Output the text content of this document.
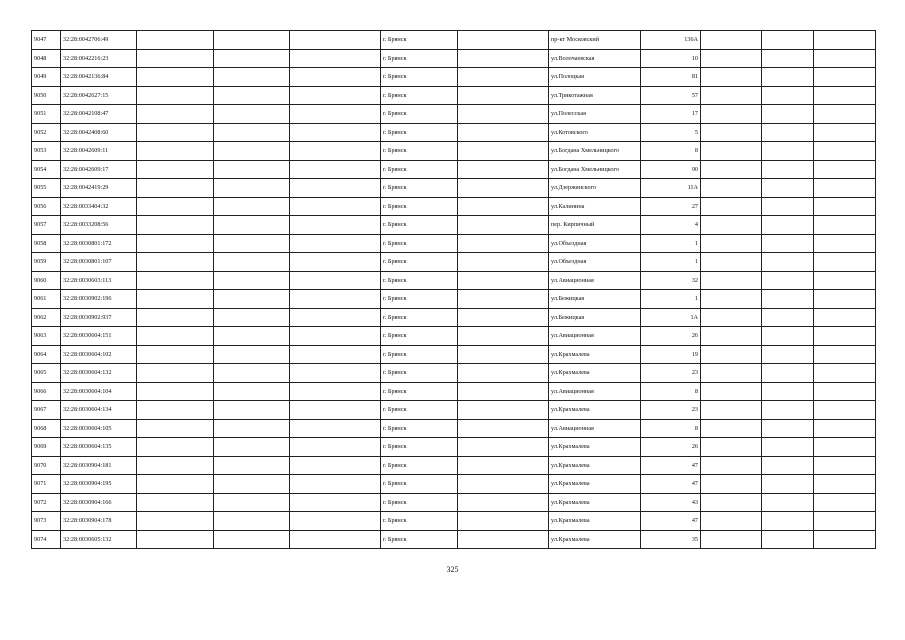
9047	32:28:0042706:49				г. Брянск		пр-кт Московский	136А			
9048	32:28:0042216:23				г. Брянск		ул.Волочаевская	10			
9049	32:28:0042136:84				г. Брянск		ул.Полоцкая	81			
9050	32:28:0042627:15				г. Брянск		ул.Трикотажная	57			
9051	32:28:0042108:47				г. Брянск		ул.Полесская	17			
9052	32:28:0042408:60				г. Брянск		ул.Котовского	5			
9053	32:28:0042609:11				г. Брянск		ул.Богдана Хмельницкого	8			
9054	32:28:0042609:17				г. Брянск		ул.Богдана Хмельницкого	90			
9055	32:28:0042419:29				г. Брянск		ул.Дзержинского	11А			
9056	32:28:0033404:32				г. Брянск		ул.Калинина	27			
9057	32:28:0033208:56				г. Брянск		пер. Кирпичный	4			
9058	32:28:0030801:172				г. Брянск		ул.Объездная	1			
9059	32:28:0030801:107				г. Брянск		ул.Объездная	1			
9060	32:28:0030603:113				г. Брянск		ул.Авиационная	32			
9061	32:28:0030902:196				г. Брянск		ул.Бежицкая	1			
9062	32:28:0030902:937				г. Брянск		ул.Бежицкая	1А			
9063	32:28:0030604:151				г. Брянск		ул.Авиационная	26			
9064	32:28:0030604:102				г. Брянск		ул.Крахмалева	19			
9065	32:28:0030604:132				г. Брянск		ул.Крахмалева	23			
9066	32:28:0030604:104				г. Брянск		ул.Авиационная	8			
9067	32:28:0030604:134				г. Брянск		ул.Крахмалева	23			
9068	32:28:0030604:105				г. Брянск		ул.Авиационная	8			
9069	32:28:0030604:135				г. Брянск		ул.Крахмалева	26			
9070	32:28:0030904:181				г. Брянск		ул.Крахмалева	47			
9071	32:28:0030904:195				г. Брянск		ул.Крахмалева	47			
9072	32:28:0030904:166				г. Брянск		ул.Крахмалева	43			
9073	32:28:0030904:178				г. Брянск		ул.Крахмалева	47			
9074	32:28:0030605:132				г. Брянск		ул.Крахмалева	35			
325
